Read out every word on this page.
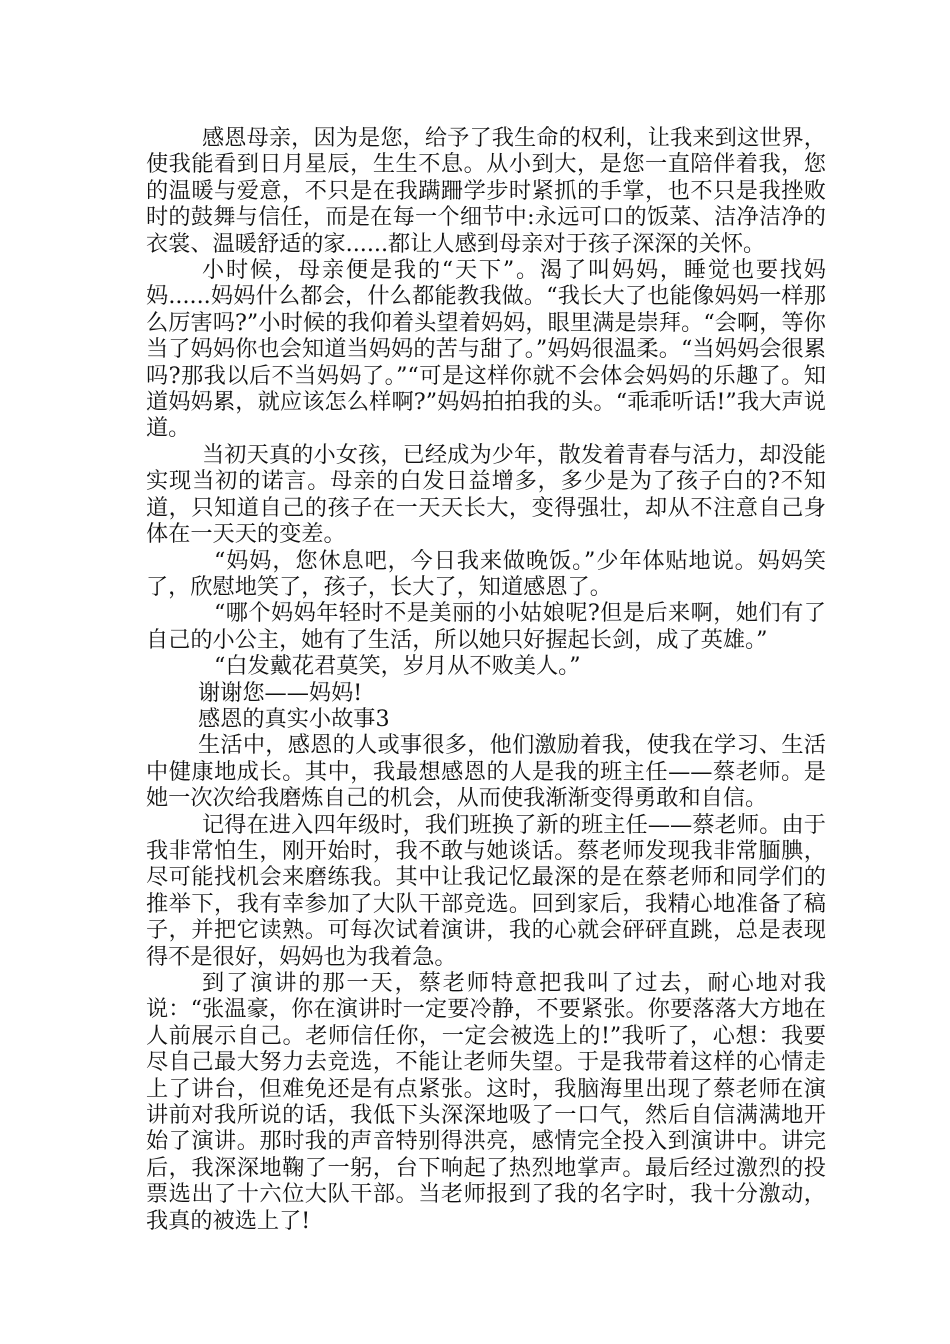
感恩母亲，因为是您，给予了我生命的权利，让我来到这世界，使我能看到日月星辰，生生不息。从小到大，是您一直陪伴着我，您的温暖与爱意，不只是在我蹒跚学步时紧抓的手掌，也不只是我挫败时的鼓舞与信任，而是在每一个细节中:永远可口的饭菜、洁净洁净的衣裳、温暖舒适的家......都让人感到母亲对于孩子深深的关怀。

小时候，母亲便是我的“天下”。渴了叫妈妈，睡觉也要找妈妈......妈妈什么都会，什么都能教我做。“我长大了也能像妈妈一样那么厉害吗?”小时候的我仰着头望着妈妈，眼里满是崇拜。“会啊，等你当了妈妈你也会知道当妈妈的苦与甜了。”妈妈很温柔。“当妈妈会很累吗?那我以后不当妈妈了。”“可是这样你就不会体会妈妈的乐趣了。知道妈妈累，就应该怎么样啊?”妈妈拍拍我的头。“乖乖听话!”我大声说道。

当初天真的小女孩，已经成为少年，散发着青春与活力，却没能实现当初的诺言。母亲的白发日益增多，多少是为了孩子白的?不知道，只知道自己的孩子在一天天长大，变得强壮，却从不注意自己身体在一天天的变差。

“妈妈，您休息吧，今日我来做晚饭。”少年体贴地说。妈妈笑了，欣慰地笑了，孩子，长大了，知道感恩了。

“哪个妈妈年轻时不是美丽的小姑娘呢?但是后来啊，她们有了自己的小公主，她有了生活，所以她只好握起长剑，成了英雄。”

“白发戴花君莫笑，岁月从不败美人。”

谢谢您——妈妈!

感恩的真实小故事3

生活中，感恩的人或事很多，他们激励着我，使我在学习、生活中健康地成长。其中，我最想感恩的人是我的班主任——蔡老师。是她一次次给我磨炼自己的机会，从而使我渐渐变得勇敢和自信。

记得在进入四年级时，我们班换了新的班主任——蔡老师。由于我非常怕生，刚开始时，我不敢与她谈话。蔡老师发现我非常腼腆，尽可能找机会来磨练我。其中让我记忆最深的是在蔡老师和同学们的推举下，我有幸参加了大队干部竞选。回到家后，我精心地准备了稿子，并把它读熟。可每次试着演讲，我的心就会砰砰直跳，总是表现得不是很好，妈妈也为我着急。

到了演讲的那一天，蔡老师特意把我叫了过去，耐心地对我说：“张温豪，你在演讲时一定要冷静，不要紧张。你要落落大方地在人前展示自己。老师信任你，一定会被选上的!”我听了，心想：我要尽自己最大努力去竞选，不能让老师失望。于是我带着这样的心情走上了讲台，但难免还是有点紧张。这时，我脑海里出现了蔡老师在演讲前对我所说的话，我低下头深深地吸了一口气，然后自信满满地开始了演讲。那时我的声音特别得洪亮，感情完全投入到演讲中。讲完后，我深深地鞠了一躬，台下响起了热烈地掌声。最后经过激烈的投票选出了十六位大队干部。当老师报到了我的名字时，我十分激动，我真的被选上了!
